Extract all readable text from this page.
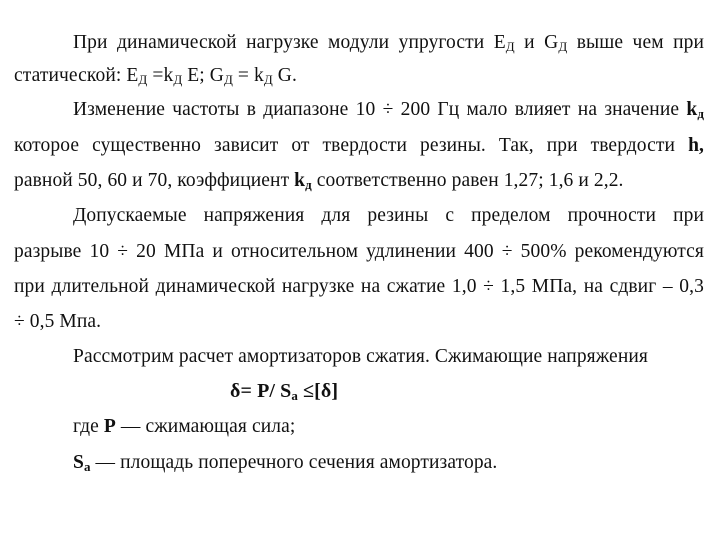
При динамической нагрузке модули упругости $Е_Д$ и $G_Д$ выше чем при
статической: $Е_Д =k_Д$ Е; $G_Д = k_Д$ G.
Изменение частоты в диапазоне 10 ÷ 200 Гц мало влияет на значение $k_д$
которое существенно зависит от твердости резины. Так, при твердости h,
равной 50, 60 и 70, коэффициент $k_д$ соответственно равен 1,27; 1,6 и 2,2.
Допускаемые напряжения для резины с пределом прочности при
разрыве 10 ÷ 20 МПа и относительном удлинении 400 ÷ 500% рекомендуются
при длительной динамической нагрузке на сжатие 1,0 ÷ 1,5 МПа, на сдвиг – 0,3
÷ 0,5 Мпа.
Рассмотрим расчет амортизаторов сжатия. Сжимающие напряжения
δ= P/ $S_a \le[\delta]$
где P — сжимающая сила;
$S_a$ — площадь поперечного сечения амортизатора.
